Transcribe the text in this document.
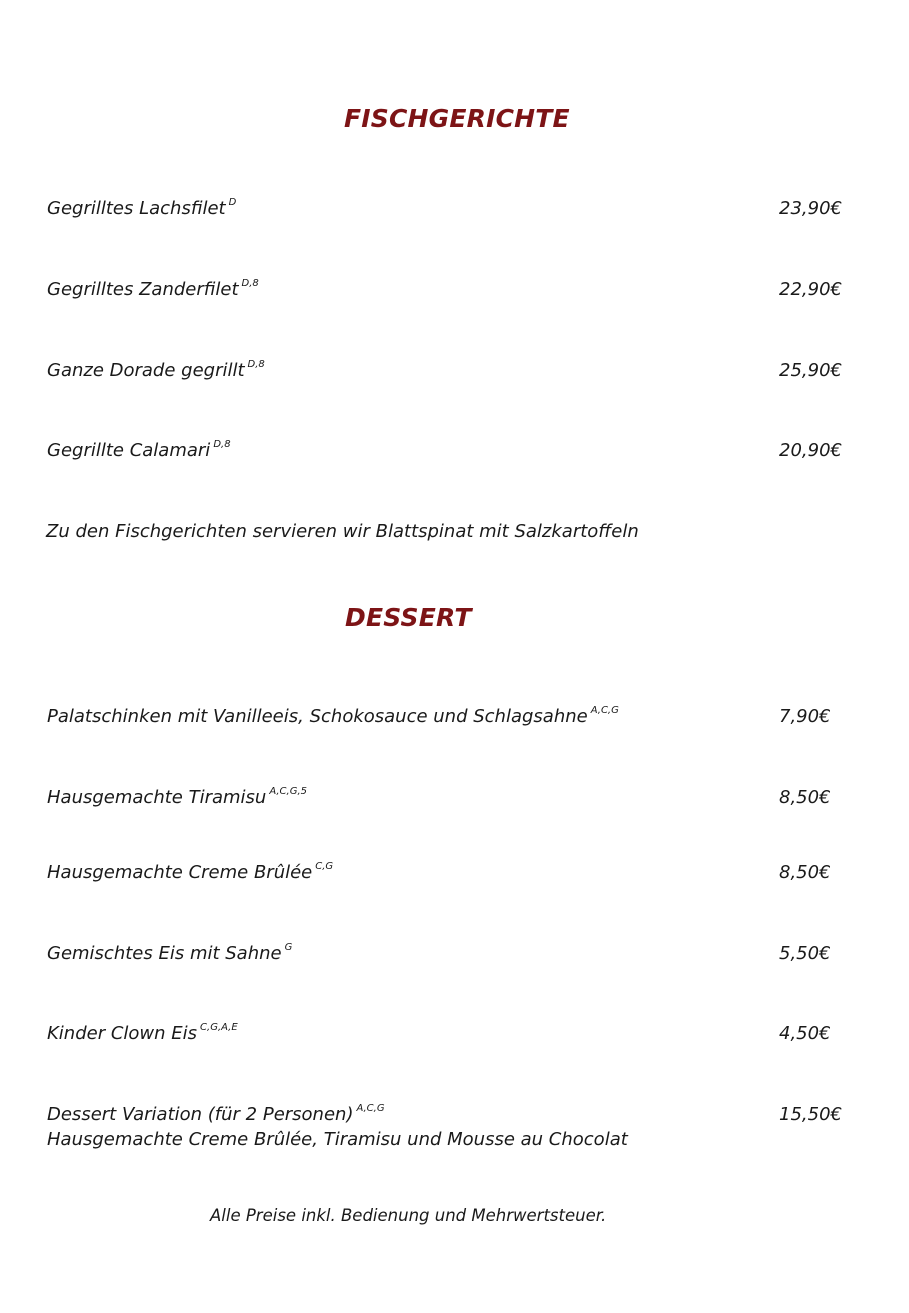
FISCHGERICHTE

Gegrilltes Lachsfilet $^D$	23,90€

Gegrilltes Zanderfilet $^{D,8}$	22,90€

Ganze Dorade gegrillt $^{D,8}$	25,90€

Gegrillte Calamari $^{D,8}$	20,90€

Zu den Fischgerichten servieren wir Blattspinat mit Salzkartoffeln

DESSERT

Palatschinken mit Vanilleeis, Schokosauce und Schlagsahne $^{A,C,G}$	7,90€

Hausgemachte Tiramisu $^{A,C,G,5}$	8,50€

Hausgemachte Creme Brûlée $^{C,G}$	8,50€

Gemischtes Eis mit Sahne $^G$	5,50€

Kinder Clown Eis $^{C,G,A,E}$	4,50€

Dessert Variation (für 2 Personen) $^{A,C,G}$	15,50€

Hausgemachte Creme Brûlée, Tiramisu und Mousse au Chocolat

Alle Preise inkl. Bedienung und Mehrwertsteuer.
